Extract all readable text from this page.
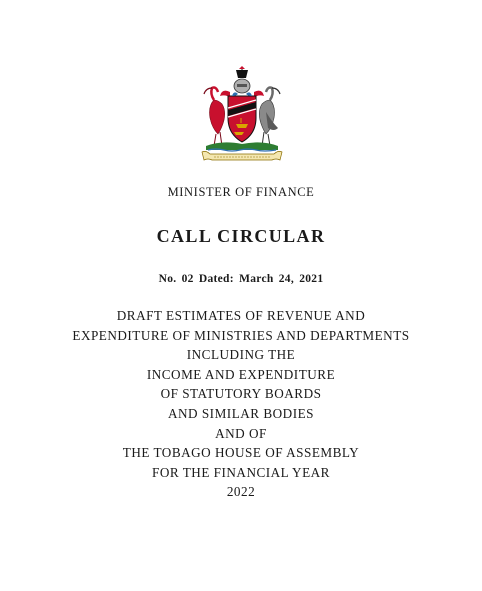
MINISTER OF FINANCE
CALL CIRCULAR
No. 02 Dated: March 24, 2021
DRAFT ESTIMATES OF REVENUE AND
EXPENDITURE OF MINISTRIES AND DEPARTMENTS
INCLUDING THE
INCOME AND EXPENDITURE
OF STATUTORY BOARDS
AND SIMILAR BODIES
AND OF
THE TOBAGO HOUSE OF ASSEMBLY
FOR THE FINANCIAL YEAR
2022
